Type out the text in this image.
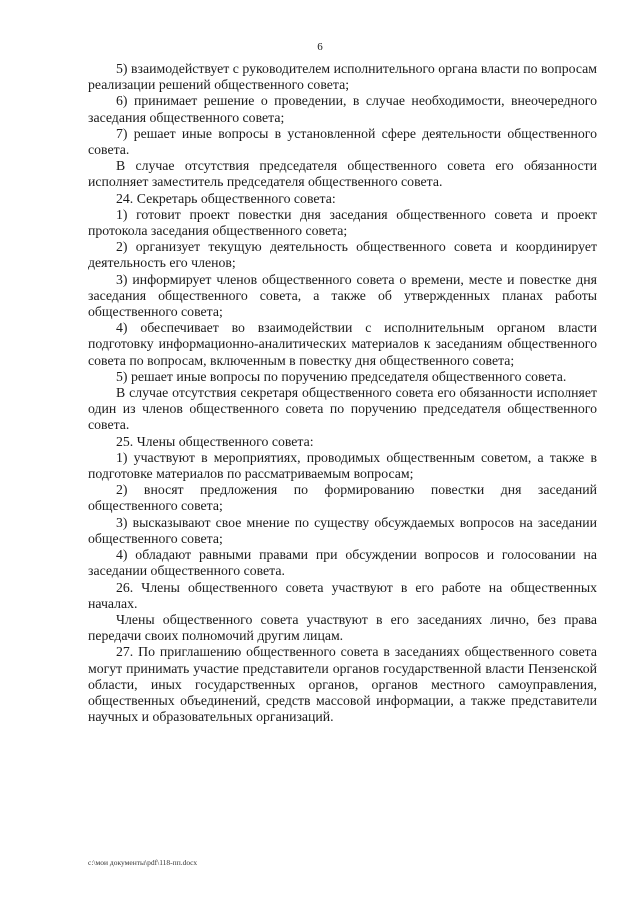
6

5) взаимодействует с руководителем исполнительного органа власти по вопросам реализации решений общественного совета;

6) принимает решение о проведении, в случае необходимости, внеочередного заседания общественного совета;

7) решает иные вопросы в установленной сфере деятельности общественного совета.

В случае отсутствия председателя общественного совета его обязанности исполняет заместитель председателя общественного совета.

24. Секретарь общественного совета:

1) готовит проект повестки дня заседания общественного совета и проект протокола заседания общественного совета;

2) организует текущую деятельность общественного совета и координирует деятельность его членов;

3) информирует членов общественного совета о времени, месте и повестке дня заседания общественного совета, а также об утвержденных планах работы общественного совета;

4) обеспечивает во взаимодействии с исполнительным органом власти подготовку информационно-аналитических материалов к заседаниям общественного совета по вопросам, включенным в повестку дня общественного совета;

5) решает иные вопросы по поручению председателя общественного совета.

В случае отсутствия секретаря общественного совета его обязанности исполняет один из членов общественного совета по поручению председателя общественного совета.

25. Члены общественного совета:

1) участвуют в мероприятиях, проводимых общественным советом, а также в подготовке материалов по рассматриваемым вопросам;

2) вносят предложения по формированию повестки дня заседаний общественного совета;

3) высказывают свое мнение по существу обсуждаемых вопросов на заседании общественного совета;

4) обладают равными правами при обсуждении вопросов и голосовании на заседании общественного совета.

26. Члены общественного совета участвуют в его работе на общественных началах.

Члены общественного совета участвуют в его заседаниях лично, без права передачи своих полномочий другим лицам.

27. По приглашению общественного совета в заседаниях общественного совета могут принимать участие представители органов государственной власти Пензенской области, иных государственных органов, органов местного самоуправления, общественных объединений, средств массовой информации, а также представители научных и образовательных организаций.

c:\мои документы\pdf\118-пп.docx
